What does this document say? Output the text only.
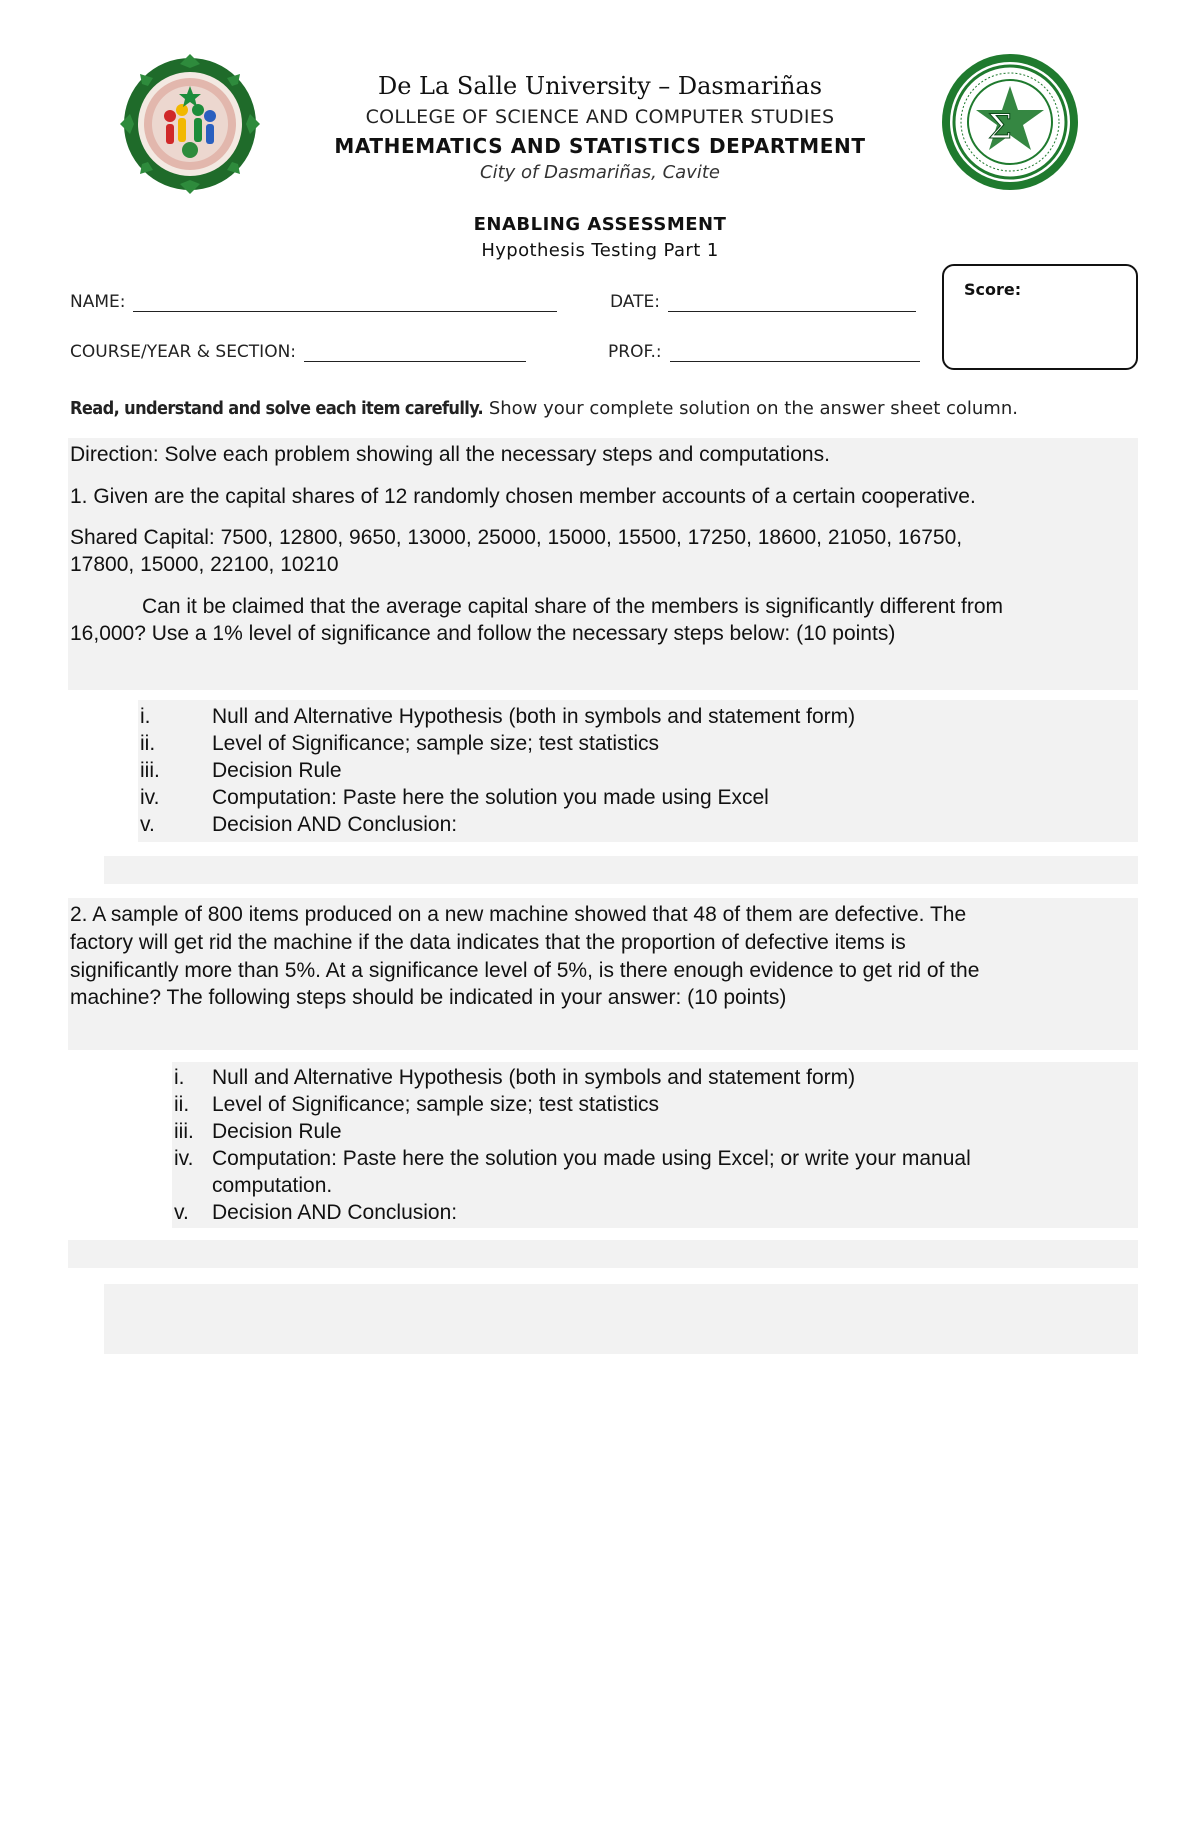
Σ
De La Salle University – Dasmariñas
COLLEGE OF SCIENCE AND COMPUTER STUDIES
MATHEMATICS AND STATISTICS DEPARTMENT
City of Dasmariñas, Cavite
ENABLING ASSESSMENT
Hypothesis Testing Part 1
NAME:	DATE:
COURSE/YEAR & SECTION:	PROF.:
Score:
Read, understand and solve each item carefully. Show your complete solution on the answer sheet column.
Direction: Solve each problem showing all the necessary steps and computations.
1. Given are the capital shares of 12 randomly chosen member accounts of a certain cooperative.
Shared Capital: 7500, 12800, 9650, 13000, 25000, 15000, 15500, 17250, 18600, 21050, 16750,
17800, 15000, 22100, 10210
Can it be claimed that the average capital share of the members is significantly different from
16,000? Use a 1% level of significance and follow the necessary steps below: (10 points)
i.	Null and Alternative Hypothesis (both in symbols and statement form)
ii.	Level of Significance; sample size; test statistics
iii.	Decision Rule
iv.	Computation: Paste here the solution you made using Excel
v.	Decision AND Conclusion:
2. A sample of 800 items produced on a new machine showed that 48 of them are defective. The
factory will get rid the machine if the data indicates that the proportion of defective items is
significantly more than 5%. At a significance level of 5%, is there enough evidence to get rid of the
machine? The following steps should be indicated in your answer: (10 points)
i.	Null and Alternative Hypothesis (both in symbols and statement form)
ii.	Level of Significance; sample size; test statistics
iii. Decision Rule
iv. Computation: Paste here the solution you made using Excel; or write your manual
computation.
v.	Decision AND Conclusion:
